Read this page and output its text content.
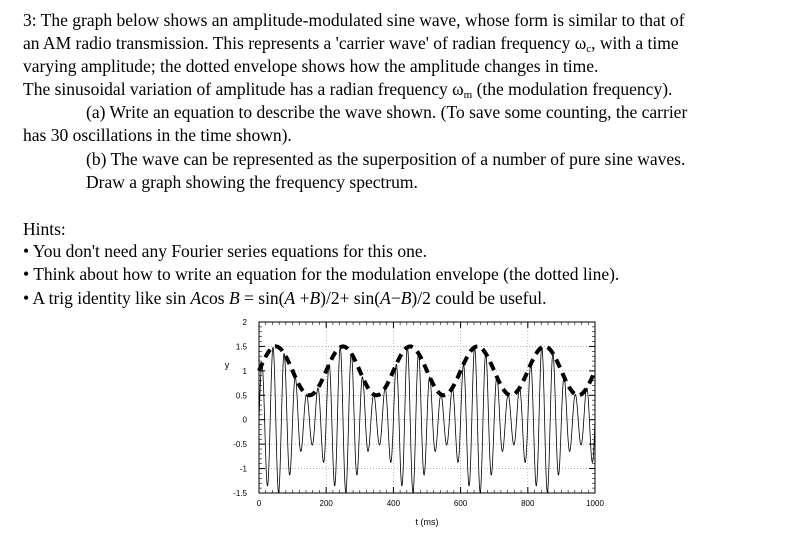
3: The graph below shows an amplitude-modulated sine wave, whose form is similar to that of
an AM radio transmission. This represents a 'carrier wave' of radian frequency $\omega_c$, with a time
varying amplitude; the dotted envelope shows how the amplitude changes in time.
The sinusoidal variation of amplitude has a radian frequency $\omega_m$ (the modulation frequency).
(a) Write an equation to describe the wave shown. (To save some counting, the carrier
has 30 oscillations in the time shown).
(b) The wave can be represented as the superposition of a number of pure sine waves.
Draw a graph showing the frequency spectrum.
Hints:
• You don't need any Fourier series equations for this one.
• Think about how to write an equation for the modulation envelope (the dotted line).
• A trig identity like sin Acos B = sin(A +B)/2+ sin(A−B)/2 could be useful.
0	200	400	600	800	1000
-1.5
-1
-0.5
0
0.5
1
1.5
2
t (ms)
y
